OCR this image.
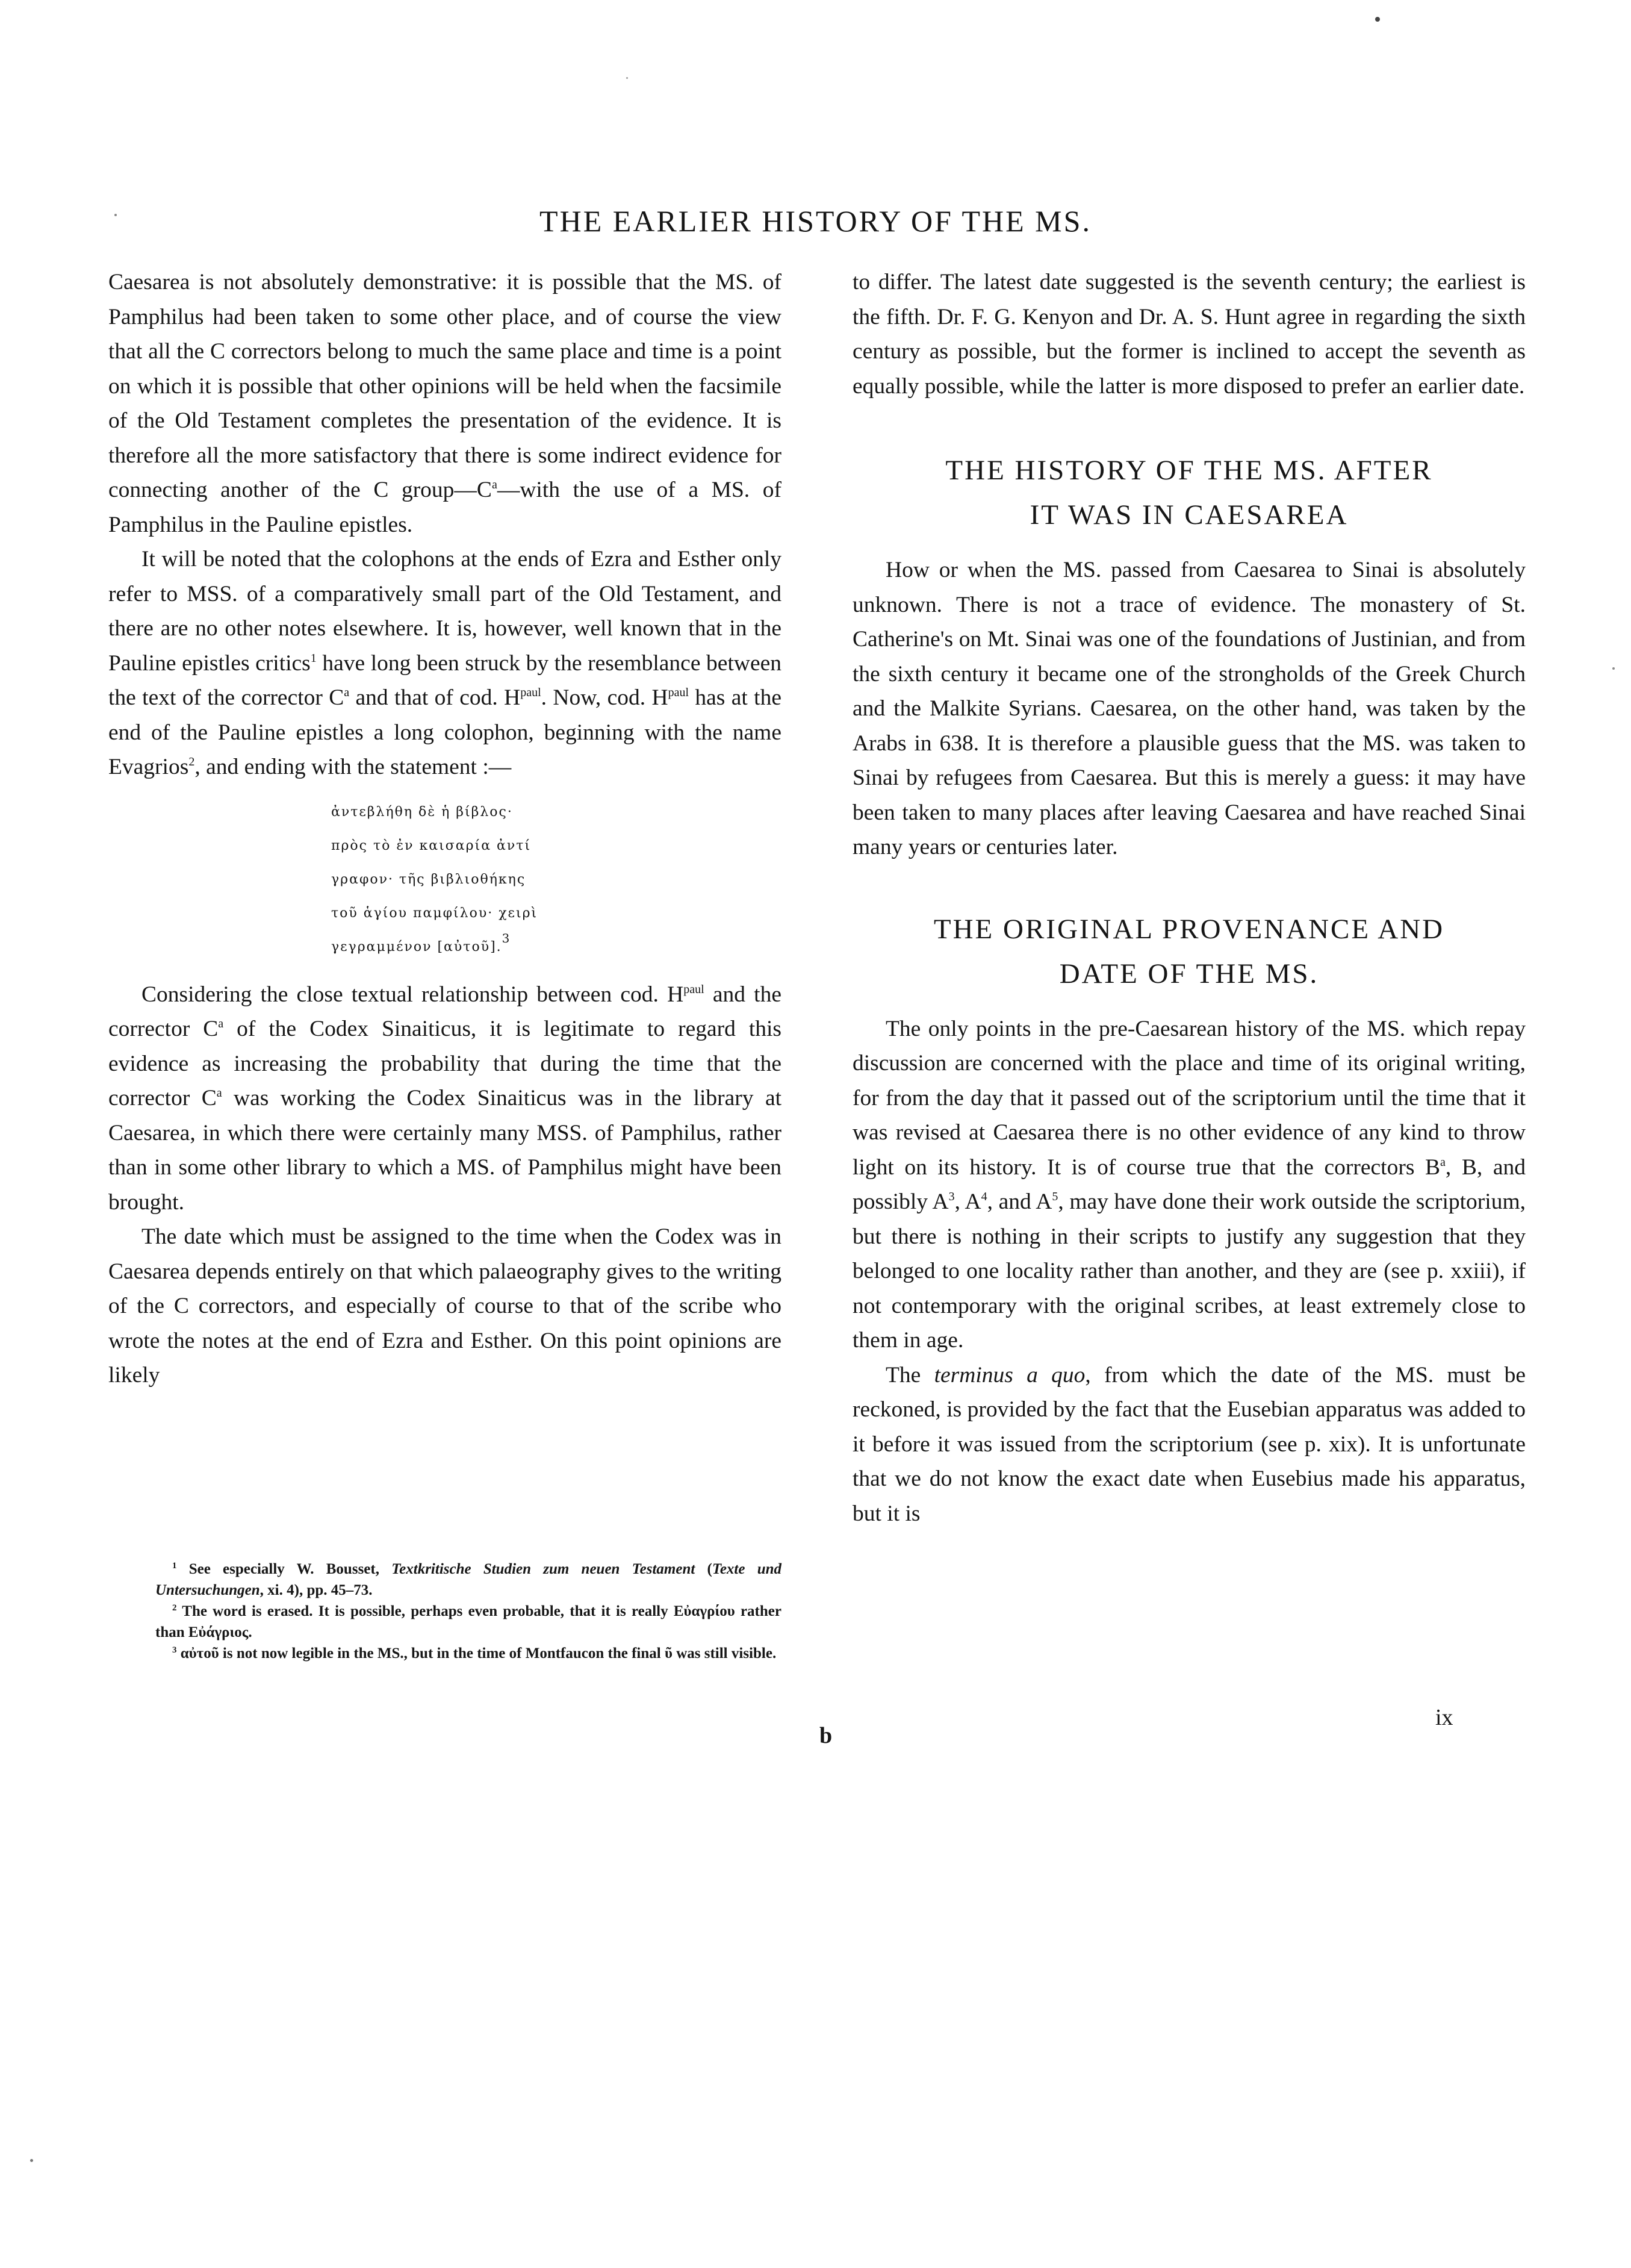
THE EARLIER HISTORY OF THE MS.

Caesarea is not absolutely demonstrative: it is possible that the MS. of Pamphilus had been taken to some other place, and of course the view that all the C correctors belong to much the same place and time is a point on which it is possible that other opinions will be held when the facsimile of the Old Testament completes the presentation of the evidence. It is therefore all the more satisfactory that there is some indirect evidence for connecting another of the C $group—C^a—with$ the use of a MS. of Pamphilus in the Pauline epistles.

It will be noted that the colophons at the ends of Ezra and Esther only refer to MSS. of a comparatively small part of the Old Testament, and there are no other notes elsewhere. It is, however, well known that in the Pauline epistles critics$^1$ have long been struck by the resemblance between the text of the corrector $C^a$ and that of cod. $H^{paul}$. Now, cod. $H^{paul}$ has at the end of the Pauline epistles a long colophon, beginning with the name Evagrios$^2$, and ending with the statement :—

ἀντεβλήθη δὲ ἡ βίβλος·
πρὸς τὸ ἐν καισαρία ἀντί
γραφον· τῆς βιβλιοθήκης
τοῦ ἁγίου παμφίλου· χειρὶ
γεγραμμένον [αὐτοῦ].$^3$

Considering the close textual relationship between cod. $H^{paul}$ and the corrector $C^a$ of the Codex Sinaiticus, it is legitimate to regard this evidence as increasing the probability that during the time that the corrector $C^a$ was working the Codex Sinaiticus was in the library at Caesarea, in which there were certainly many MSS. of Pamphilus, rather than in some other library to which a MS. of Pamphilus might have been brought.

The date which must be assigned to the time when the Codex was in Caesarea depends entirely on that which palaeography gives to the writing of the C correctors, and especially of course to that of the scribe who wrote the notes at the end of Ezra and Esther. On this point opinions are likely

$^1$ See especially W. Bousset, Textkritische Studien zum neuen Testament (Texte und Untersuchungen, xi. 4), pp. 45–73.

$^2$ The word is erased. It is possible, perhaps even probable, that it is really Εὐαγρίου rather than Εὐάγριος.

$^3$ αὐτοῦ is not now legible in the MS., but in the time of Montfaucon the final ῦ was still visible.

to differ. The latest date suggested is the seventh century; the earliest is the fifth. Dr. F. G. Kenyon and Dr. A. S. Hunt agree in regarding the sixth century as possible, but the former is inclined to accept the seventh as equally possible, while the latter is more disposed to prefer an earlier date.

THE HISTORY OF THE MS. AFTER
IT WAS IN CAESAREA

How or when the MS. passed from Caesarea to Sinai is absolutely unknown. There is not a trace of evidence. The monastery of St. Catherine's on Mt. Sinai was one of the foundations of Justinian, and from the sixth century it became one of the strongholds of the Greek Church and the Malkite Syrians. Caesarea, on the other hand, was taken by the Arabs in 638. It is therefore a plausible guess that the MS. was taken to Sinai by refugees from Caesarea. But this is merely a guess: it may have been taken to many places after leaving Caesarea and have reached Sinai many years or centuries later.

THE ORIGINAL PROVENANCE AND
DATE OF THE MS.

The only points in the pre-Caesarean history of the MS. which repay discussion are concerned with the place and time of its original writing, for from the day that it passed out of the scriptorium until the time that it was revised at Caesarea there is no other evidence of any kind to throw light on its history. It is of course true that the correctors $B^a$, B, and possibly $A^3$, $A^4$, and $A^5$, may have done their work outside the scriptorium, but there is nothing in their scripts to justify any suggestion that they belonged to one locality rather than another, and they are (see p. xxiii), if not contemporary with the original scribes, at least extremely close to them in age.

The terminus a quo, from which the date of the MS. must be reckoned, is provided by the fact that the Eusebian apparatus was added to it before it was issued from the scriptorium (see p. xix). It is unfortunate that we do not know the exact date when Eusebius made his apparatus, but it is

b
ix
